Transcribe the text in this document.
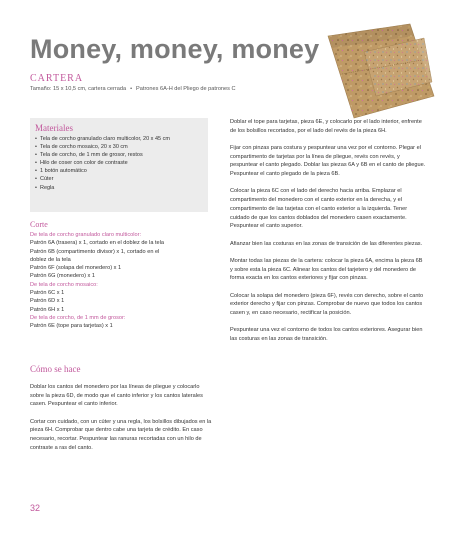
Money, money, money
CARTERA
Tamaño: 15 x 10,5 cm, cartera cerrada • Patrones 6A-H del Pliego de patrones C
Materiales
• Tela de corcho granulado claro multicolor, 20 x 45 cm
• Tela de corcho mosaico, 20 x 30 cm
• Tela de corcho, de 1 mm de grosor, restos
• Hilo de coser con color de contraste
• 1 botón automático
• Cúter
• Regla
Corte
De tela de corcho granulado claro multicolor:
Patrón 6A (trasera) x 1, cortado en el doblez de la tela
Patrón 6B (compartimento divisor) x 1, cortado en el
doblez de la tela
Patrón 6F (solapa del monedero) x 1
Patrón 6G (monedero) x 1
De tela de corcho mosaico:
Patrón 6C x 1
Patrón 6D x 1
Patrón 6H x 1
De tela de corcho, de 1 mm de grosor:
Patrón 6E (tope para tarjetas) x 1
Cómo se hace

Doblar los cantos del monedero por las líneas de pliegue y colocarlo sobre la pieza 6D, de modo que el canto inferior y los cantos laterales casen. Pespuntear el canto inferior.

Cortar con cuidado, con un cúter y una regla, los bolsillos dibujados en la pieza 6H. Comprobar que dentro cabe una tarjeta de crédito. En caso necesario, recortar. Pespuntear las ranuras recortadas con un hilo de contraste a ras del canto.

Doblar el tope para tarjetas, pieza 6E, y colocarlo por el lado interior, enfrente de los bolsillos recortados, por el lado del revés de la pieza 6H.

Fijar con pinzas para costura y pespuntear una vez por el contorno. Plegar el compartimento de tarjetas por la línea de pliegue, revés con revés, y pespuntear el canto plegado. Doblar las piezas 6A y 6B en el canto de pliegue. Pespuntear el canto plegado de la pieza 6B.

Colocar la pieza 6C con el lado del derecho hacia arriba. Emplazar el compartimento del monedero con el canto exterior en la derecha, y el compartimento de las tarjetas con el canto exterior a la izquierda. Tener cuidado de que los cantos doblados del monedero casen exactamente. Pespuntear el canto superior.

Afianzar bien las costuras en las zonas de transición de las diferentes piezas.

Montar todas las piezas de la cartera: colocar la pieza 6A, encima la pieza 6B y sobre esta la pieza 6C. Alinear los cantos del tarjetero y del monedero de forma exacta en los cantos exteriores y fijar con pinzas.

Colocar la solapa del monedero (pieza 6F), revés con derecho, sobre el canto exterior derecho y fijar con pinzas. Comprobar de nuevo que todos los cantos casen y, en caso necesario, rectificar la posición.

Pespuntear una vez el contorno de todos los cantos exteriores. Asegurar bien las costuras en las zonas de transición.

32
